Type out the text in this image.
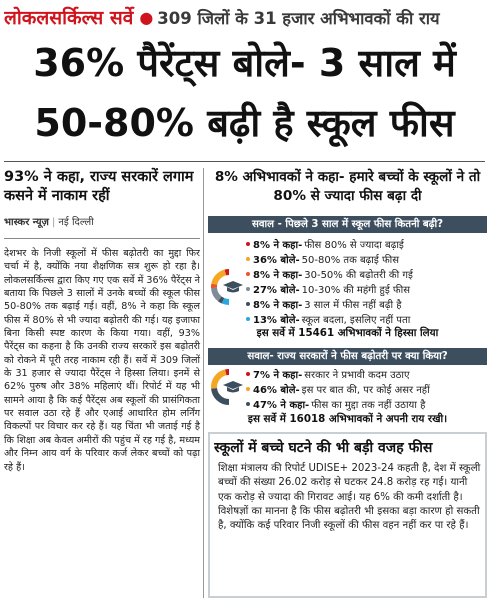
लोकलसर्किल्स सर्वे ● 309 जिलों के 31 हजार अभिभावकों की राय
36% पैरेंट्स बोले- 3 साल में
50-80% बढ़ी है स्कूल फीस
93% ने कहा, राज्य सरकारें लगाम कसने में नाकाम रहीं
भास्कर न्यूज़ | नई दिल्ली
देशभर के निजी स्कूलों में फीस बढ़ोतरी का मुद्दा फिर चर्चा में है, क्योंकि नया शैक्षणिक सत्र शुरू हो रहा है। लोकलसर्किल्स द्वारा किए गए एक सर्वे में 36% पैरेंट्स ने बताया कि पिछले 3 सालों में उनके बच्चों की स्कूल फीस 50-80% तक बढ़ाई गई। वहीं, 8% ने कहा कि स्कूल फीस में 80% से भी ज्यादा बढ़ोतरी की गई। यह इजाफा बिना किसी स्पष्ट कारण के किया गया। वहीं, 93% पैरेंट्स का कहना है कि उनकी राज्य सरकारें इस बढ़ोतरी को रोकने में पूरी तरह नाकाम रही हैं। सर्वे में 309 जिलों के 31 हजार से ज्यादा पैरेंट्स ने हिस्सा लिया। इनमें से 62% पुरुष और 38% महिलाएं थीं। रिपोर्ट में यह भी सामने आया है कि कई पैरेंट्स अब स्कूलों की प्रासंगिकता पर सवाल उठा रहे हैं और एआई आधारित होम लर्निंग विकल्पों पर विचार कर रहे हैं। यह चिंता भी जताई गई है कि शिक्षा अब केवल अमीरों की पहुंच में रह गई है, मध्यम और निम्न आय वर्ग के परिवार कर्ज लेकर बच्चों को पढ़ा रहे हैं।
8% अभिभावकों ने कहा- हमारे बच्चों के स्कूलों ने तो 80% से ज्यादा फीस बढ़ा दी
सवाल - पिछले 3 साल में स्कूल फीस कितनी बढ़ी?
8% ने कहा- फीस 80% से ज्यादा बढ़ाई
36% बोले- 50-80% तक बढ़ाई फीस
8% ने कहा- 30-50% की बढ़ोतरी की गई
27% बोले- 10-30% की महंगी हुई फीस
8% ने कहा- 3 साल में फीस नहीं बढ़ी है
13% बोले- स्कूल बदला, इसलिए नहीं पता
इस सर्वे में 15461 अभिभावकों ने हिस्सा लिया
सवाल- राज्य सरकारों ने फीस बढ़ोतरी पर क्या किया?
7% ने कहा- सरकार ने प्रभावी कदम उठाए
46% बोले- इस पर बात की, पर कोई असर नहीं
47% ने कहा- फीस का मुद्दा तक नहीं उठाया है
इस सर्वे में 16018 अभिभावकों ने अपनी राय रखी।
स्कूलों में बच्चे घटने की भी बड़ी वजह फीस
शिक्षा मंत्रालय की रिपोर्ट UDISE+ 2023-24 कहती है, देश में स्कूली बच्चों की संख्या 26.02 करोड़ से घटकर 24.8 करोड़ रह गई। यानी एक करोड़ से ज्यादा की गिरावट आई। यह 6% की कमी दर्शाती है। विशेषज्ञों का मानना है कि फीस बढ़ोतरी भी इसका बड़ा कारण हो सकती है, क्योंकि कई परिवार निजी स्कूलों की फीस वहन नहीं कर पा रहे हैं।
